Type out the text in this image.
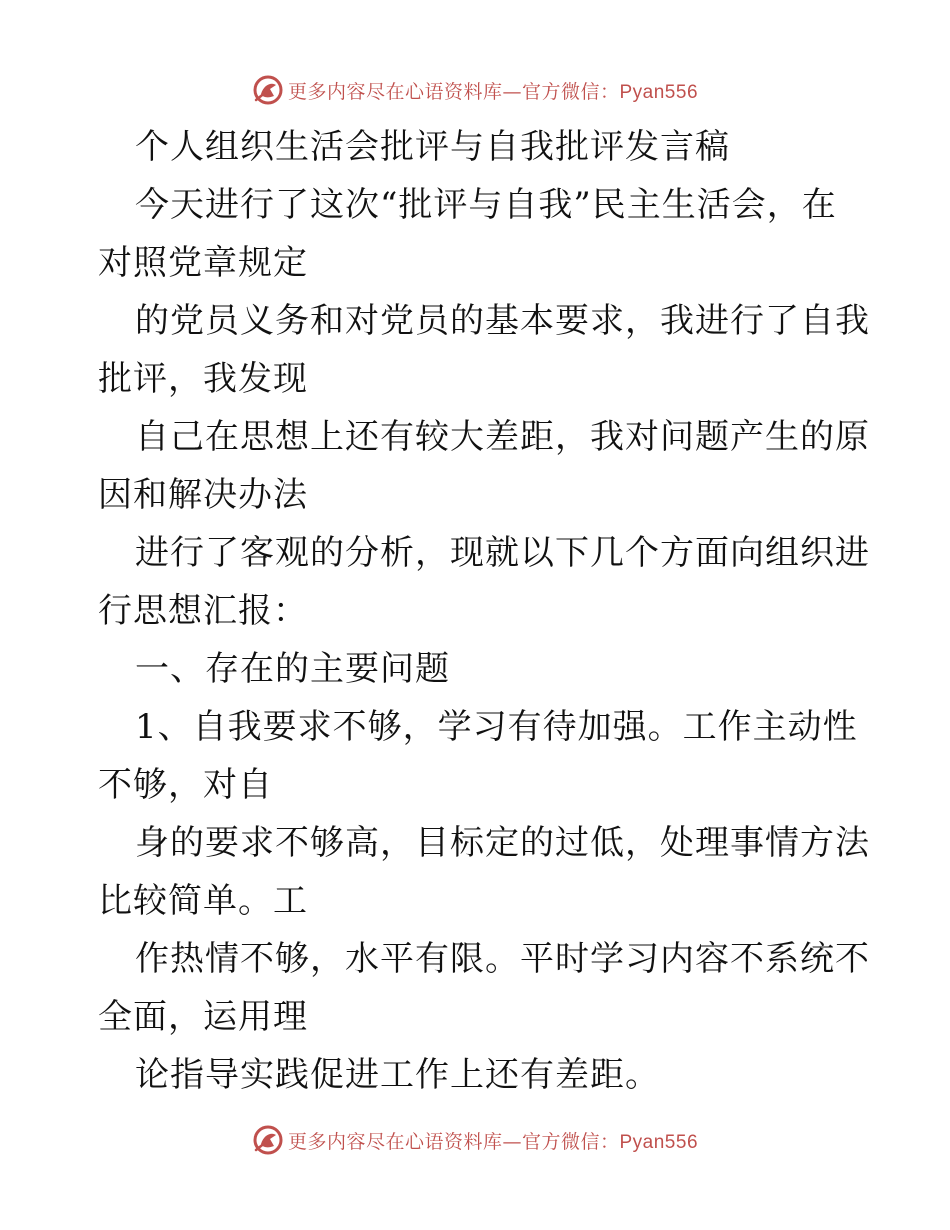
更多内容尽在心语资料库—官方微信：Pyan556
个人组织生活会批评与自我批评发言稿
今天进行了这次“批评与自我”民主生活会，在
对照党章规定
的党员义务和对党员的基本要求，我进行了自我
批评，我发现
自己在思想上还有较大差距，我对问题产生的原
因和解决办法
进行了客观的分析，现就以下几个方面向组织进
行思想汇报：
一、存在的主要问题
1、自我要求不够，学习有待加强。工作主动性
不够，对自
身的要求不够高，目标定的过低，处理事情方法
比较简单。工
作热情不够，水平有限。平时学习内容不系统不
全面，运用理
论指导实践促进工作上还有差距。
更多内容尽在心语资料库—官方微信：Pyan556
